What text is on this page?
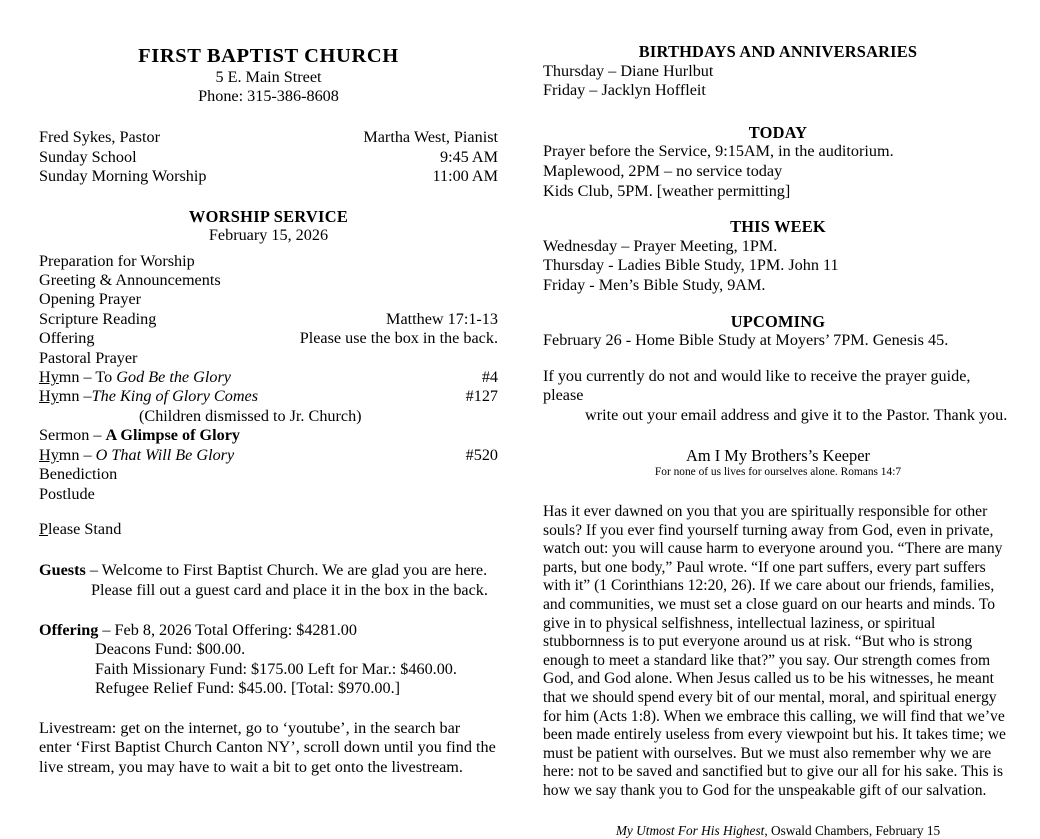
FIRST BAPTIST CHURCH
5 E. Main Street
Phone: 315-386-8608
Fred Sykes, Pastor	Martha West, Pianist
Sunday School	9:45 AM
Sunday Morning Worship	11:00 AM
WORSHIP SERVICE
February 15, 2026
Preparation for Worship
Greeting & Announcements
Opening Prayer
Scripture Reading	Matthew 17:1-13
Offering	Please use the box in the back.
Pastoral Prayer
Hymn – To God Be the Glory	#4
Hymn –The King of Glory Comes	#127
(Children dismissed to Jr. Church)
Sermon – A Glimpse of Glory
Hymn – O That Will Be Glory	#520
Benediction
Postlude
Please Stand
Guests – Welcome to First Baptist Church. We are glad you are here.
Please fill out a guest card and place it in the box in the back.
Offering – Feb 8, 2026 Total Offering: $4281.00
Deacons Fund: $00.00.
Faith Missionary Fund: $175.00 Left for Mar.: $460.00.
Refugee Relief Fund: $45.00. [Total: $970.00.]
Livestream: get on the internet, go to ‘youtube’, in the search bar
enter ‘First Baptist Church Canton NY’, scroll down until you find the
live stream, you may have to wait a bit to get onto the livestream.
BIRTHDAYS AND ANNIVERSARIES
Thursday – Diane Hurlbut
Friday – Jacklyn Hoffleit
TODAY
Prayer before the Service, 9:15AM, in the auditorium.
Maplewood, 2PM – no service today
Kids Club, 5PM. [weather permitting]
THIS WEEK
Wednesday – Prayer Meeting, 1PM.
Thursday - Ladies Bible Study, 1PM. John 11
Friday - Men’s Bible Study, 9AM.
UPCOMING
February 26 - Home Bible Study at Moyers’ 7PM. Genesis 45.
If you currently do not and would like to receive the prayer guide, please
write out your email address and give it to the Pastor. Thank you.
Am I My Brothers’s Keeper
For none of us lives for ourselves alone. Romans 14:7
Has it ever dawned on you that you are spiritually responsible for other souls? If you ever find yourself turning away from God, even in private, watch out: you will cause harm to everyone around you. “There are many parts, but one body,” Paul wrote. “If one part suffers, every part suffers with it” (1 Corinthians 12:20, 26). If we care about our friends, families, and communities, we must set a close guard on our hearts and minds. To give in to physical selfishness, intellectual laziness, or spiritual stubbornness is to put everyone around us at risk. “But who is strong enough to meet a standard like that?” you say. Our strength comes from God, and God alone. When Jesus called us to be his witnesses, he meant that we should spend every bit of our mental, moral, and spiritual energy for him (Acts 1:8). When we embrace this calling, we will find that we’ve been made entirely useless from every viewpoint but his. It takes time; we must be patient with ourselves. But we must also remember why we are here: not to be saved and sanctified but to give our all for his sake. This is how we say thank you to God for the unspeakable gift of our salvation.
My Utmost For His Highest, Oswald Chambers, February 15
